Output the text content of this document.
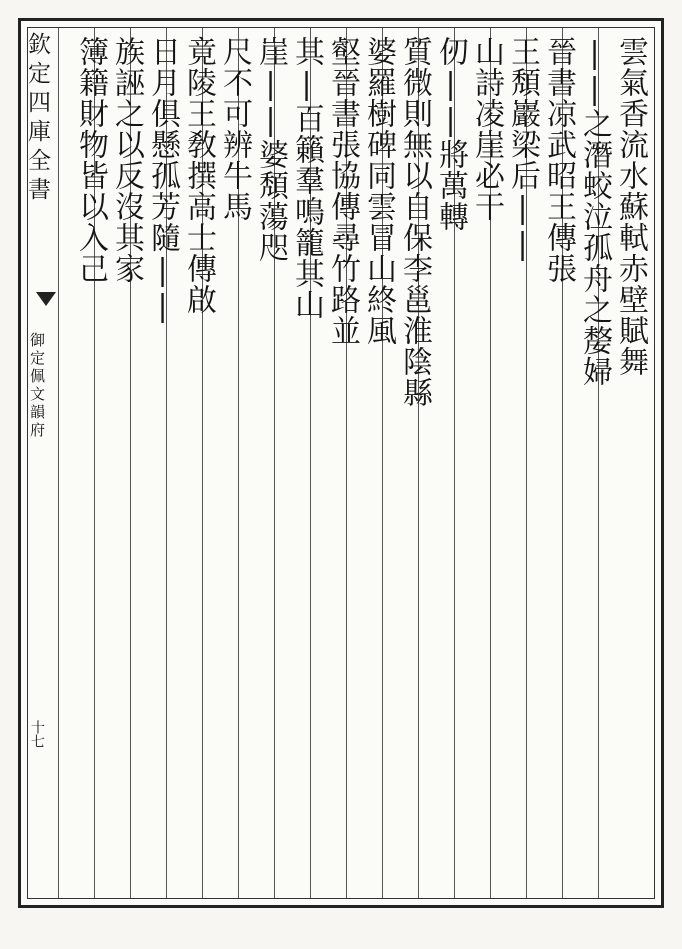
雲氣香流水蘇軾赤壁賦舞
||之潛蛟泣孤舟之嫠婦
晉書凉武昭王傳張
王頽巖梁后||
山詩凌崖必干
仞||將萬轉
質微則無以自保李邕淮陰縣
婆羅樹碑同雲冒山終風
壑晉書張協傳尋竹路並
其|百籟羣鳴籠其山
崖||婆頽蕩咫
尺不可辨牛馬
竟陵王敎撰高士傳啟
日月俱懸孤芳隨||
族誣之以反沒其家
簿籍財物皆以入己
欽定四庫全書
御定佩文韻府
十七
